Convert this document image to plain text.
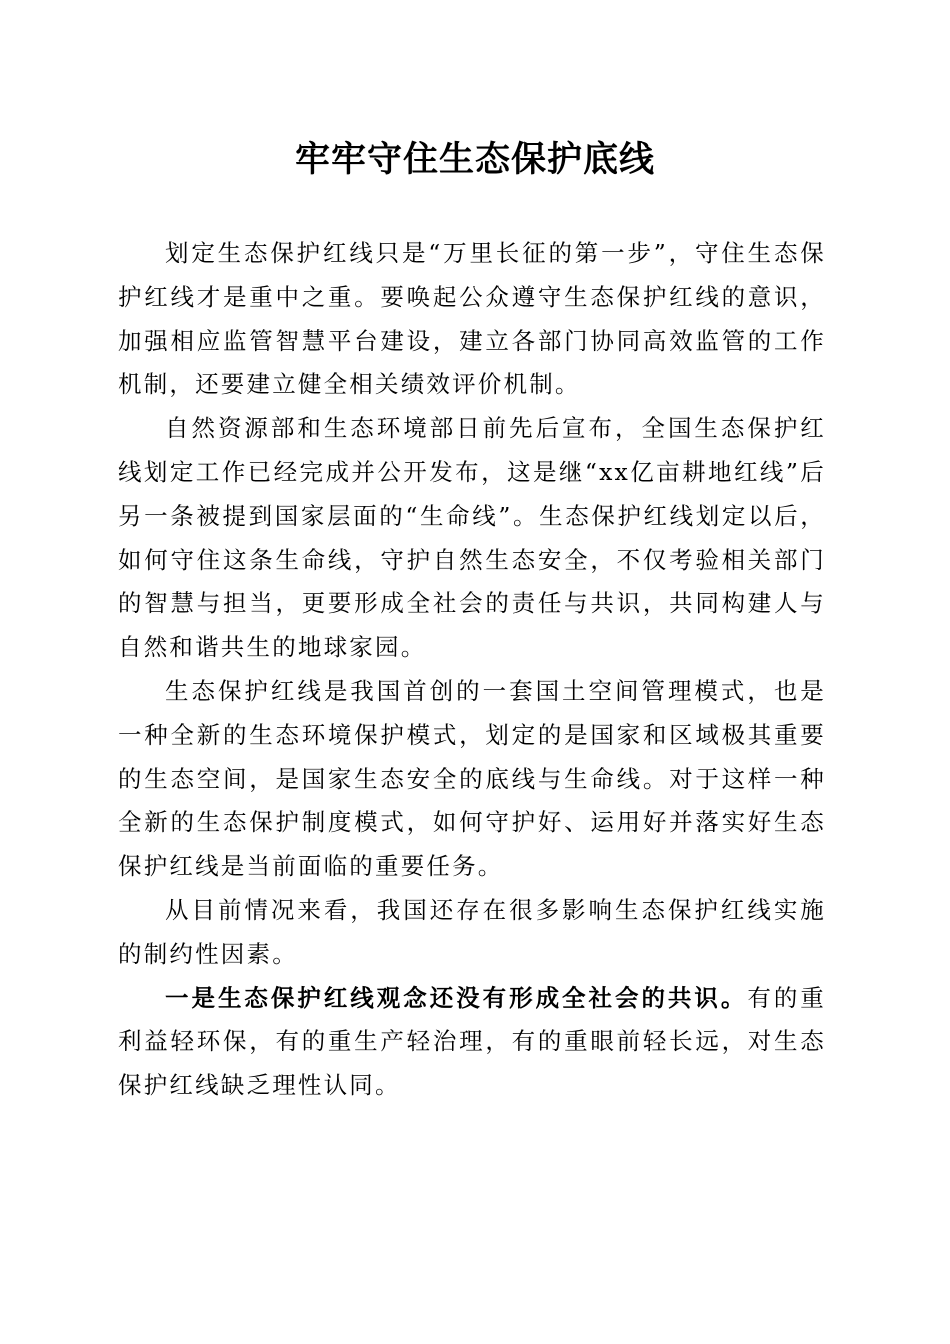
牢牢守住生态保护底线

划定生态保护红线只是“万里长征的第一步”，守住生态保护红线才是重中之重。要唤起公众遵守生态保护红线的意识，加强相应监管智慧平台建设，建立各部门协同高效监管的工作机制，还要建立健全相关绩效评价机制。

自然资源部和生态环境部日前先后宣布，全国生态保护红线划定工作已经完成并公开发布，这是继“xx亿亩耕地红线”后另一条被提到国家层面的“生命线”。生态保护红线划定以后，如何守住这条生命线，守护自然生态安全，不仅考验相关部门的智慧与担当，更要形成全社会的责任与共识，共同构建人与自然和谐共生的地球家园。

生态保护红线是我国首创的一套国土空间管理模式，也是一种全新的生态环境保护模式，划定的是国家和区域极其重要的生态空间，是国家生态安全的底线与生命线。对于这样一种全新的生态保护制度模式，如何守护好、运用好并落实好生态保护红线是当前面临的重要任务。

从目前情况来看，我国还存在很多影响生态保护红线实施的制约性因素。

一是生态保护红线观念还没有形成全社会的共识。有的重利益轻环保，有的重生产轻治理，有的重眼前轻长远，对生态保护红线缺乏理性认同。
